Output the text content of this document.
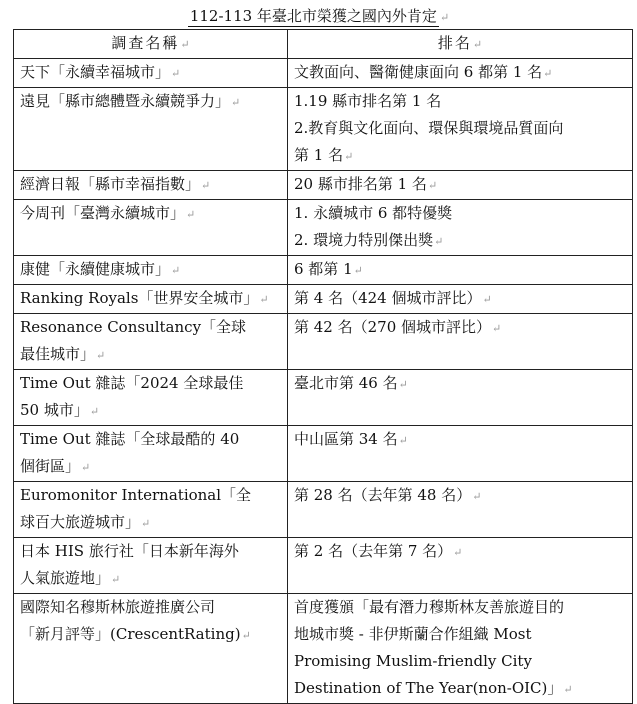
112-113 年臺北市榮獲之國內外肯定 ↵
調查名稱↵	排名↵

天下「永續幸福城市」↵	文教面向、醫衛健康面向 6 都第 1 名↵

遠見「縣市總體暨永續競爭力」↵	1.19 縣市排名第 1 名
2.教育與文化面向、環保與環境品質面向
第 1 名↵

經濟日報「縣市幸福指數」↵	20 縣市排名第 1 名↵

今周刊「臺灣永續城市」↵	1. 永續城市 6 都特優獎
2. 環境力特別傑出獎↵

康健「永續健康城市」↵	6 都第 1↵

Ranking Royals「世界安全城市」↵	第 4 名（424 個城市評比）↵

Resonance Consultancy「全球
最佳城市」↵	第 42 名（270 個城市評比）↵

Time Out 雜誌「2024 全球最佳
50 城市」↵	臺北市第 46 名↵

Time Out 雜誌「全球最酷的 40
個街區」↵	中山區第 34 名↵

Euromonitor International「全
球百大旅遊城市」↵	第 28 名（去年第 48 名）↵

日本 HIS 旅行社「日本新年海外
人氣旅遊地」↵	第 2 名（去年第 7 名）↵

國際知名穆斯林旅遊推廣公司
「新月評等」(CrescentRating)↵	首度獲頒「最有潛力穆斯林友善旅遊目的
地城市獎 - 非伊斯蘭合作組織 Most
Promising Muslim-friendly City
Destination of The Year(non-OIC)」↵
